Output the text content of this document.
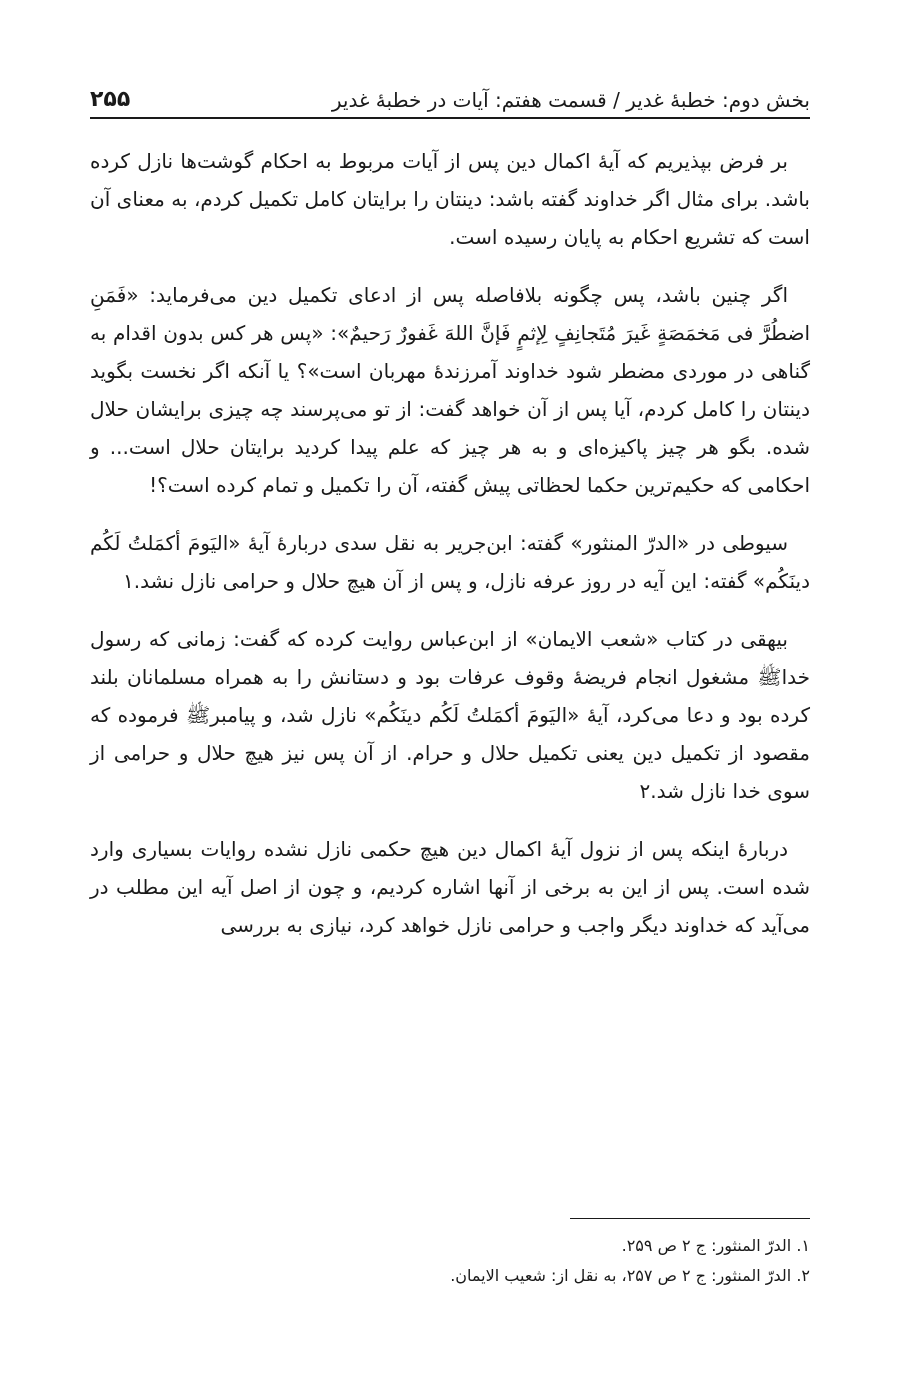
بخش دوم: خطبهٔ غدیر / قسمت هفتم: آیات در خطبهٔ غدیر
۲۵۵

بر فرض بپذیریم که آیهٔ اکمال دین پس از آیات مربوط به احکام گوشت‌ها نازل کرده باشد. برای مثال اگر خداوند گفته باشد: دینتان را برایتان کامل تکمیل کردم، به معنای آن است که تشریع احکام به پایان رسیده است.

اگر چنین باشد، پس چگونه بلافاصله پس از ادعای تکمیل دین می‌فرماید: «فَمَنِ اضطُرَّ فی مَخمَصَةٍ غَیرَ مُتَجانِفٍ لِإثمٍ فَإنَّ اللهَ غَفورٌ رَحیمٌ»: «پس هر کس بدون اقدام به گناهی در موردی مضطر شود خداوند آمرزندهٔ مهربان است»؟ یا آنکه اگر نخست بگوید دینتان را کامل کردم، آیا پس از آن خواهد گفت: از تو می‌پرسند چه چیزی برایشان حلال شده. بگو هر چیز پاکیزه‌ای و به هر چیز که علم پیدا کردید برایتان حلال است... و احکامی که حکیم‌ترین حکما لحظاتی پیش گفته، آن را تکمیل و تمام کرده است؟!

سیوطی در «الدرّ المنثور» گفته: ابن‌جریر به نقل سدی دربارهٔ آیهٔ «الیَومَ أکمَلتُ لَکُم دینَکُم» گفته: این آیه در روز عرفه نازل، و پس از آن هیچ حلال و حرامی نازل نشد.۱

بیهقی در کتاب «شعب الایمان» از ابن‌عباس روایت کرده که گفت: زمانی که رسول خداﷺ مشغول انجام فریضهٔ وقوف عرفات بود و دستانش را به همراه مسلمانان بلند کرده بود و دعا می‌کرد، آیهٔ «الیَومَ أکمَلتُ لَکُم دینَکُم» نازل شد، و پیامبرﷺ فرموده که مقصود از تکمیل دین یعنی تکمیل حلال و حرام. از آن پس نیز هیچ حلال و حرامی از سوی خدا نازل شد.۲

دربارهٔ اینکه پس از نزول آیهٔ اکمال دین هیچ حکمی نازل نشده روایات بسیاری وارد شده است. پس از این به برخی از آنها اشاره کردیم، و چون از اصل آیه این مطلب در می‌آید که خداوند دیگر واجب و حرامی نازل خواهد کرد، نیازی به بررسی

۱. الدرّ المنثور: ج ۲ ص ۲۵۹.
۲. الدرّ المنثور: ج ۲ ص ۲۵۷، به نقل از: شعیب الایمان.
